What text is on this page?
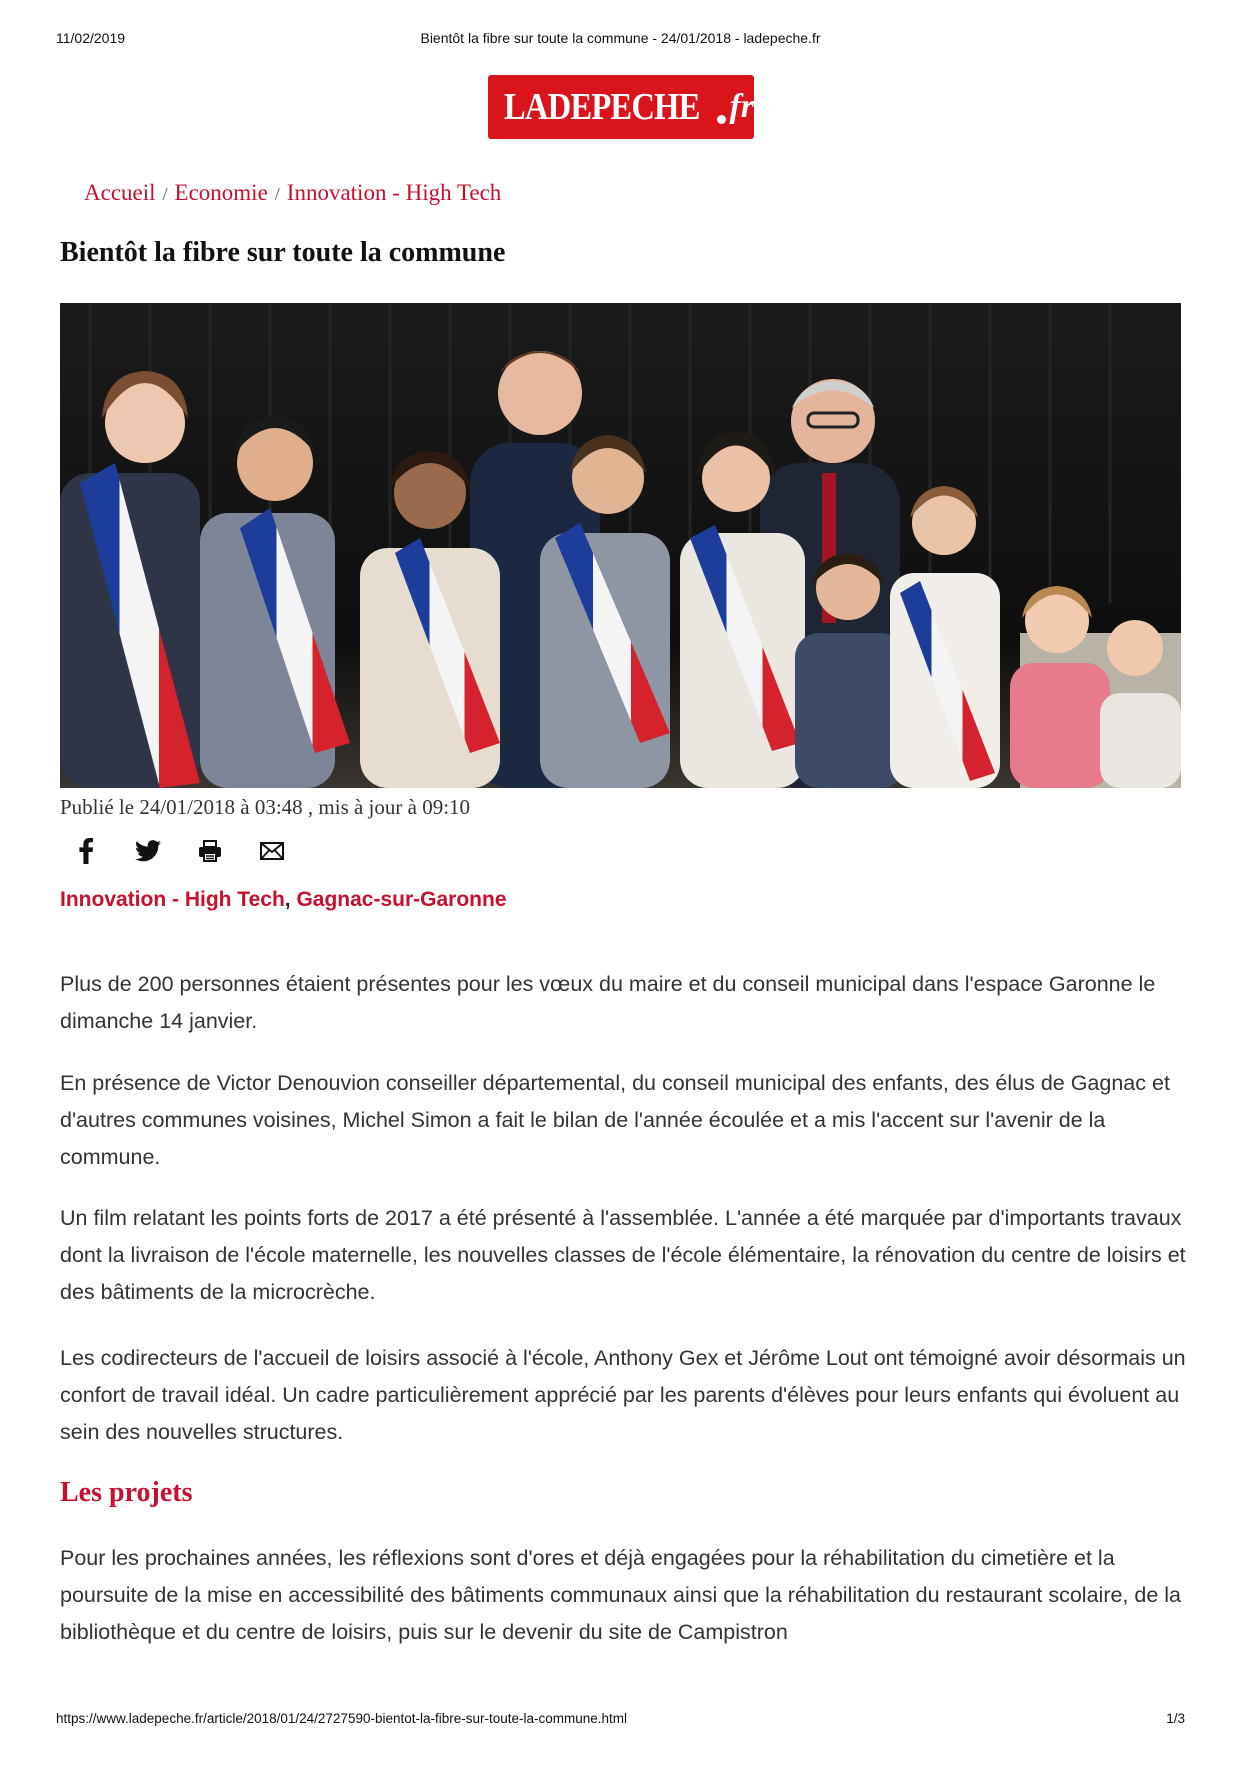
11/02/2019	Bientôt la fibre sur toute la commune - 24/01/2018 - ladepeche.fr
LADEPECHE fr
Accueil / Economie / Innovation - High Tech
Bientôt la fibre sur toute la commune
Publié le 24/01/2018 à 03:48 , mis à jour à 09:10
Innovation - High Tech, Gagnac-sur-Garonne

Plus de 200 personnes étaient présentes pour les vœux du maire et du conseil municipal dans l'espace Garonne le dimanche 14 janvier.

En présence de Victor Denouvion conseiller départemental, du conseil municipal des enfants, des élus de Gagnac et d'autres communes voisines, Michel Simon a fait le bilan de l'année écoulée et a mis l'accent sur l'avenir de la commune.

Un film relatant les points forts de 2017 a été présenté à l'assemblée. L'année a été marquée par d'importants travaux dont la livraison de l'école maternelle, les nouvelles classes de l'école élémentaire, la rénovation du centre de loisirs et des bâtiments de la microcrèche.

Les codirecteurs de l'accueil de loisirs associé à l'école, Anthony Gex et Jérôme Lout ont témoigné avoir désormais un confort de travail idéal. Un cadre particulièrement apprécié par les parents d'élèves pour leurs enfants qui évoluent au sein des nouvelles structures.

Les projets

Pour les prochaines années, les réflexions sont d'ores et déjà engagées pour la réhabilitation du cimetière et la poursuite de la mise en accessibilité des bâtiments communaux ainsi que la réhabilitation du restaurant scolaire, de la bibliothèque et du centre de loisirs, puis sur le devenir du site de Campistron

https://www.ladepeche.fr/article/2018/01/24/2727590-bientot-la-fibre-sur-toute-la-commune.html	1/3
